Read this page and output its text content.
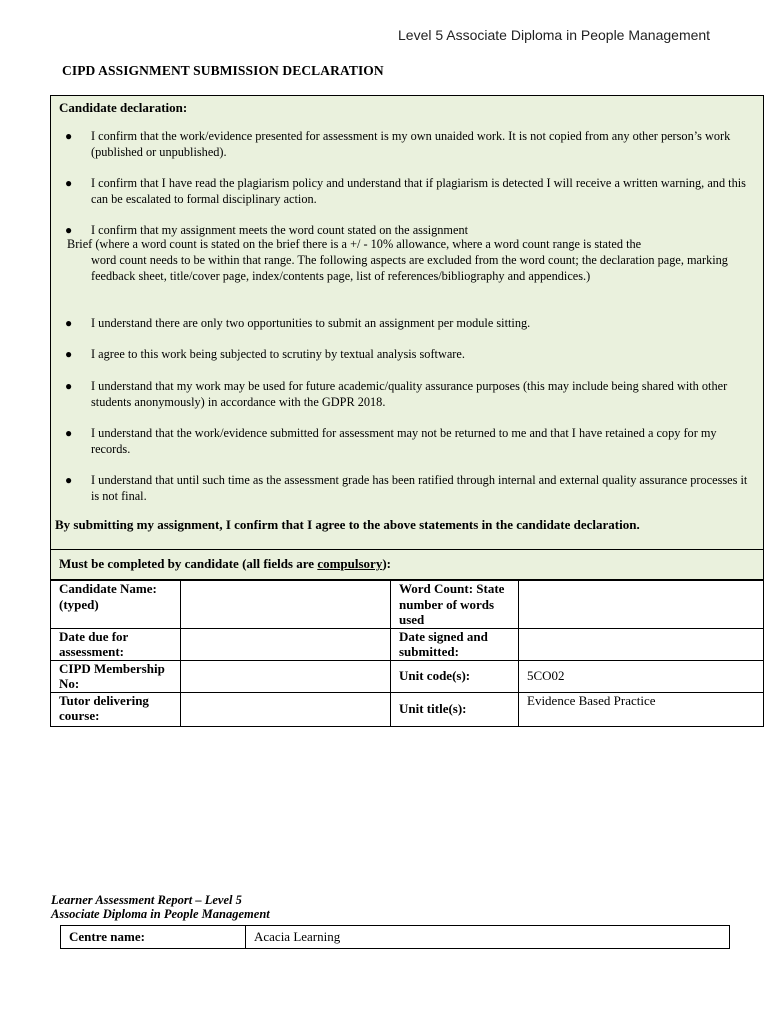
Level 5 Associate Diploma in People Management
CIPD ASSIGNMENT SUBMISSION DECLARATION
Candidate declaration:
●	I confirm that the work/evidence presented for assessment is my own unaided work. It is not copied from any other person’s work (published or unpublished).
●	I confirm that I have read the plagiarism policy and understand that if plagiarism is detected I will receive a written warning, and this can be escalated to formal disciplinary action.
●	I confirm that my assignment meets the word count stated on the assignment
Brief (where a word count is stated on the brief there is a +/ - 10% allowance, where a word count range is stated the
word count needs to be within that range. The following aspects are excluded from the word count; the declaration page, marking feedback sheet, title/cover page, index/contents page, list of references/bibliography and appendices.)
●	I understand there are only two opportunities to submit an assignment per module sitting.
●	I agree to this work being subjected to scrutiny by textual analysis software.
●	I understand that my work may be used for future academic/quality assurance purposes (this may include being shared with other students anonymously) in accordance with the GDPR 2018.
●	I understand that the work/evidence submitted for assessment may not be returned to me and that I have retained a copy for my records.
●	I understand that until such time as the assessment grade has been ratified through internal and external quality assurance processes it is not final.
By submitting my assignment, I confirm that I agree to the above statements in the candidate declaration.
Must be completed by candidate (all fields are compulsory):
Candidate Name: (typed)		Word Count: State number of words used	
Date due for assessment:		Date signed and submitted:	
CIPD Membership No:		Unit code(s):	5CO02
Tutor delivering course:		Unit title(s):	Evidence Based Practice
Learner Assessment Report – Level 5
Associate Diploma in People Management
Centre name:	Acacia Learning
